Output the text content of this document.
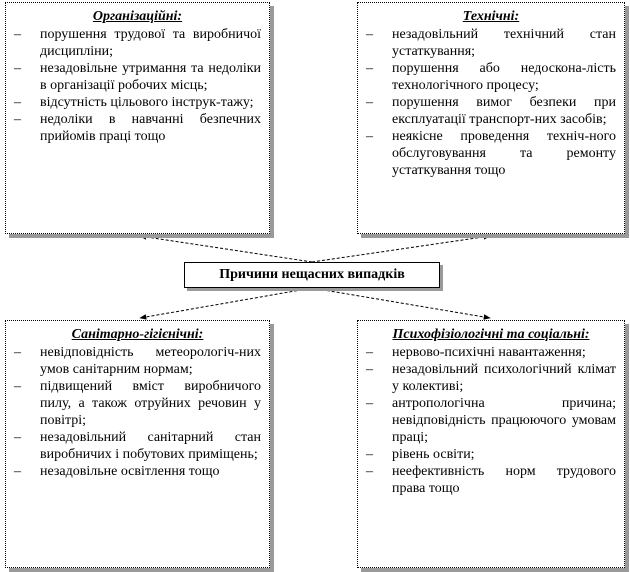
Організаційні:
– порушення трудової та виробничої дисципліни;
– незадовільне утримання та недоліки в організації робочих місць;
– відсутність цільового інструк-тажу;
– недоліки в навчанні безпечних прийомів праці тощо
Технічні:
– незадовільний технічний стан устаткування;
– порушення або недоскона-лість технологічного процесу;
– порушення вимог безпеки при експлуатації транспорт-них засобів;
– неякісне проведення техніч-ного обслуговування та ремонту устаткування тощо
Причини нещасних випадків
Санітарно-гігієнічні:
– невідповідність метеорологіч-них умов санітарним нормам;
– підвищений вміст виробничого пилу, а також отруйних речовин у повітрі;
– незадовільний санітарний стан виробничих і побутових приміщень;
– незадовільне освітлення тощо
Психофізіологічні та соціальні:
– нервово-психічні навантаження;
– незадовільний психологічний клімат у колективі;
– антропологічна причина; невідповідність працюючого умовам праці;
– рівень освіти;
– неефективність норм трудового права тощо
